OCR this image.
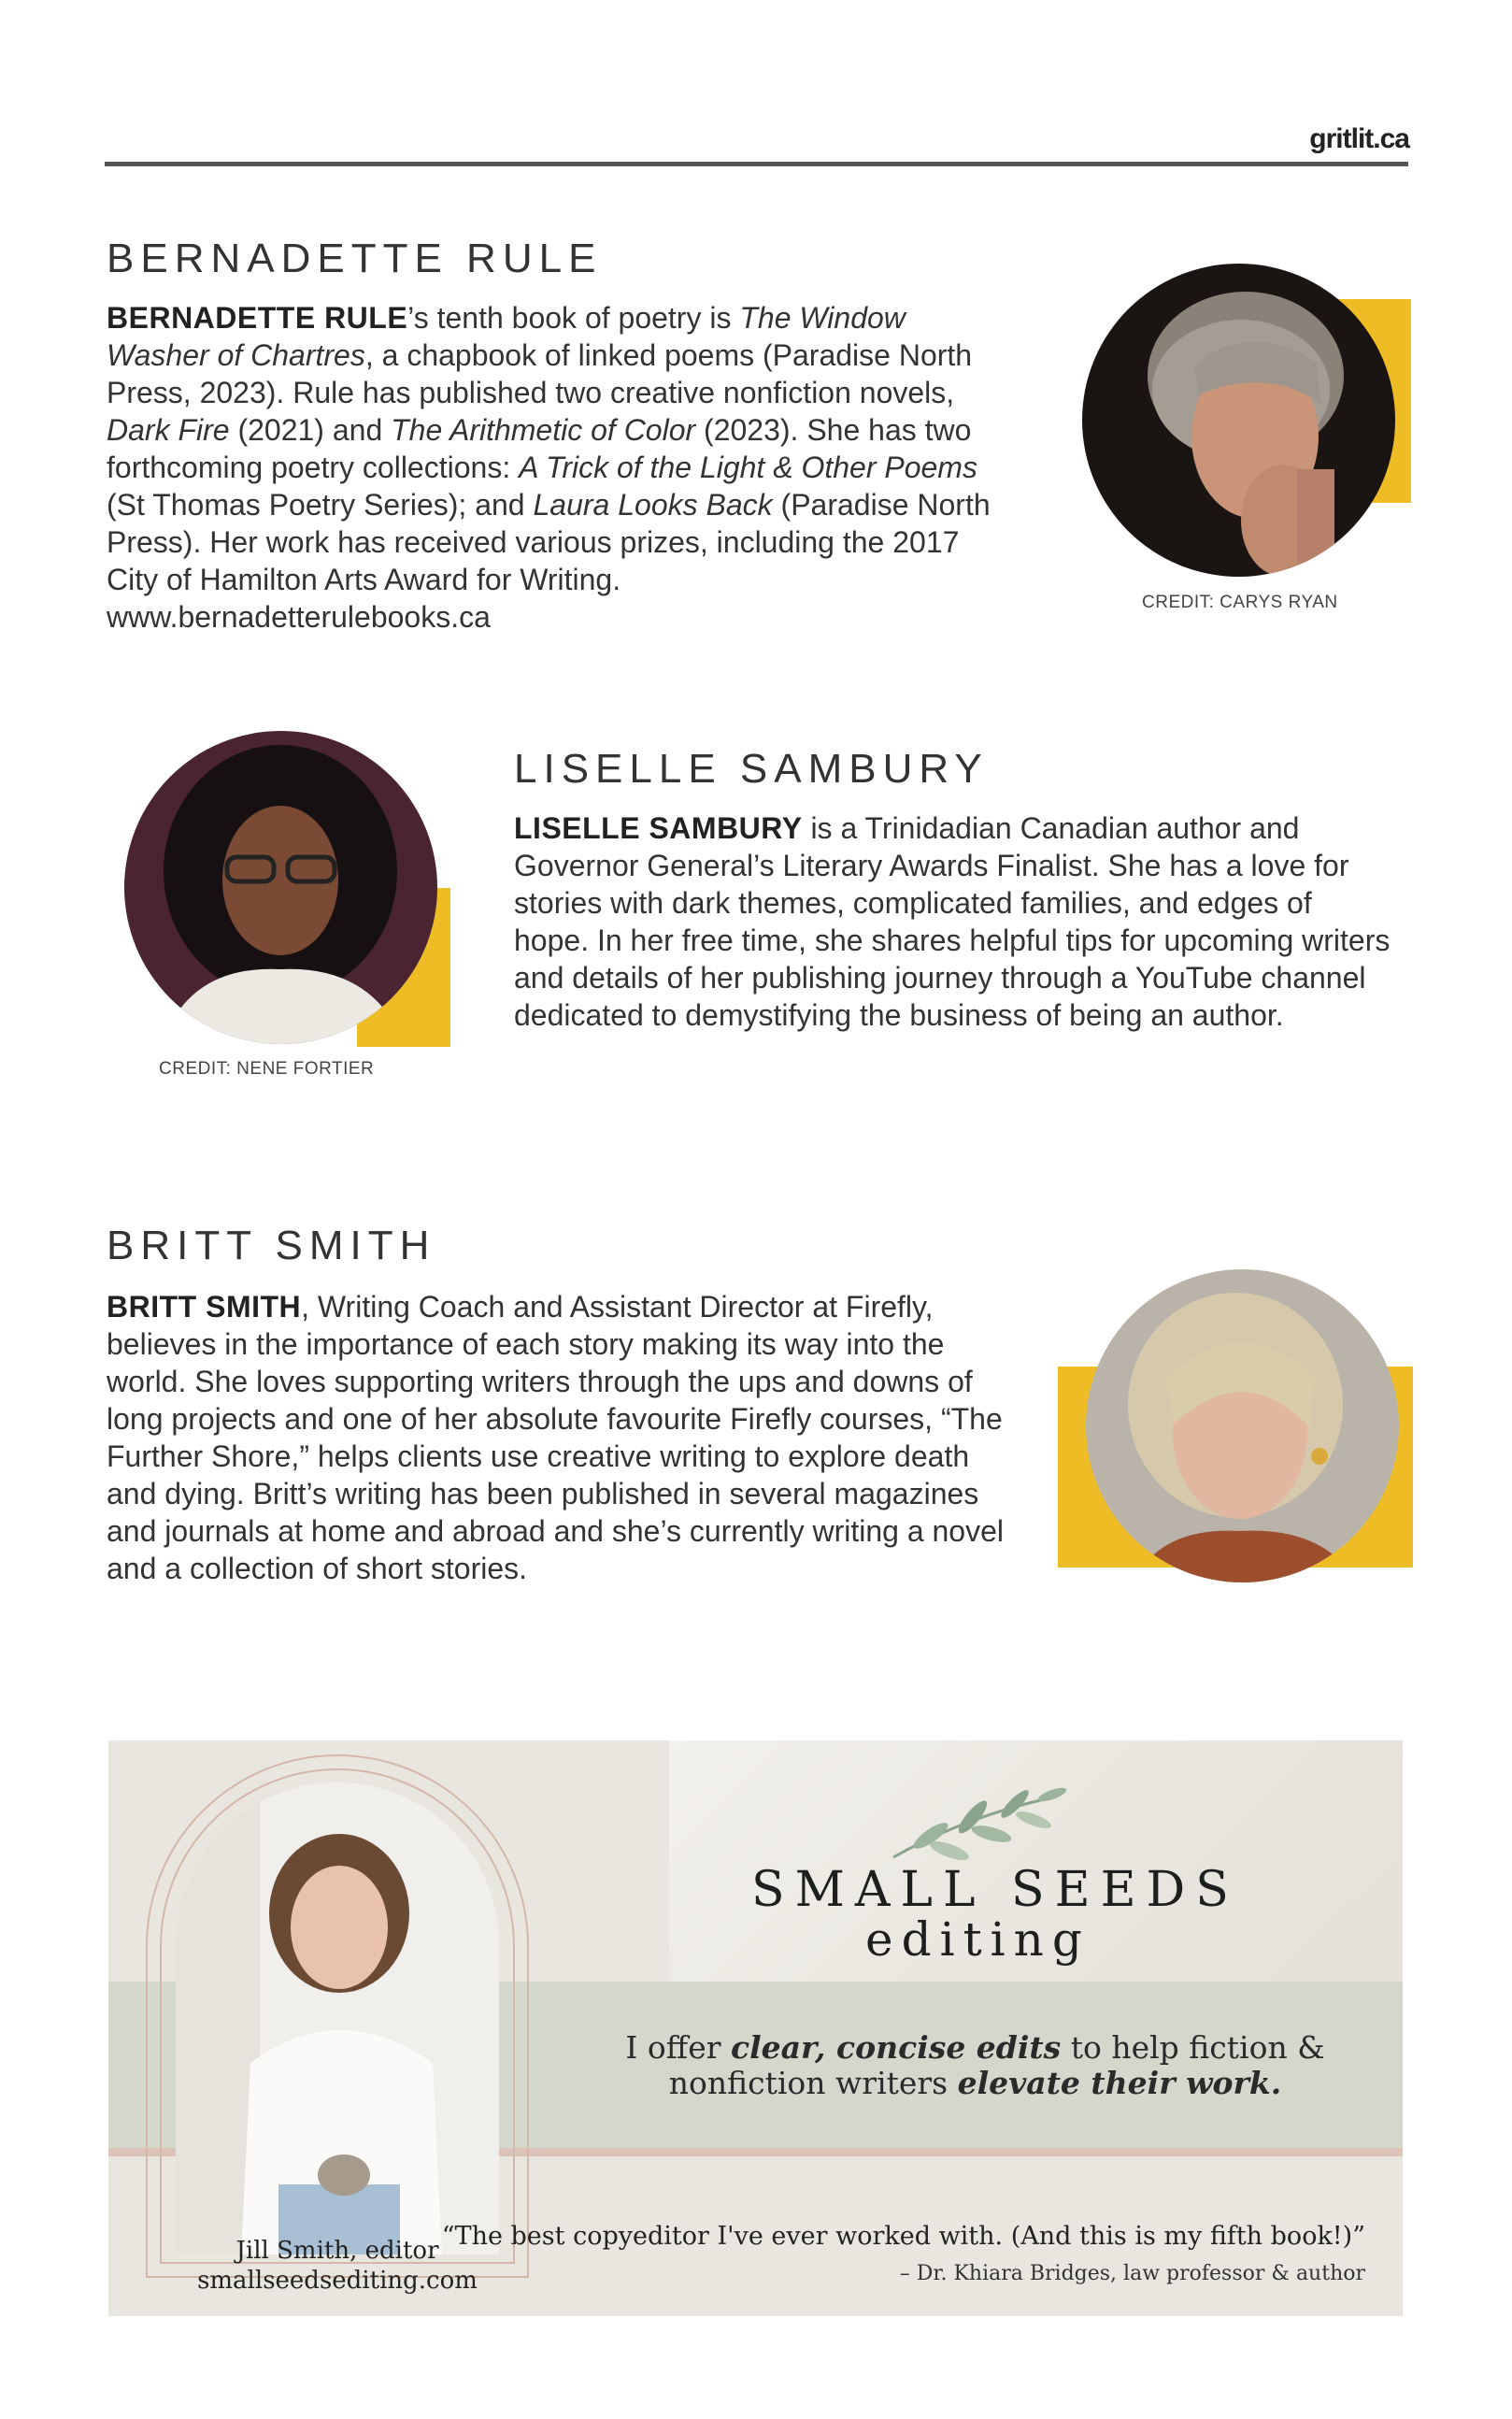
gritlit.ca
BERNADETTE RULE
BERNADETTE RULE’s tenth book of poetry is The Window Washer of Chartres, a chapbook of linked poems (Paradise North Press, 2023). Rule has published two creative nonfiction novels, Dark Fire (2021) and The Arithmetic of Color (2023). She has two forthcoming poetry collections: A Trick of the Light & Other Poems (St Thomas Poetry Series); and Laura Looks Back (Paradise North Press). Her work has received various prizes, including the 2017 City of Hamilton Arts Award for Writing. www.bernadetterulebooks.ca	CREDIT: CARYS RYAN
CREDIT: NENE FORTIER
LISELLE SAMBURY
LISELLE SAMBURY is a Trinidadian Canadian author and Governor General’s Literary Awards Finalist. She has a love for stories with dark themes, complicated families, and edges of hope. In her free time, she shares helpful tips for upcoming writers and details of her publishing journey through a YouTube channel dedicated to demystifying the business of being an author.
BRITT SMITH
BRITT SMITH, Writing Coach and Assistant Director at Firefly, believes in the importance of each story making its way into the world. She loves supporting writers through the ups and downs of long projects and one of her absolute favourite Firefly courses, “The Further Shore,” helps clients use creative writing to explore death and dying. Britt’s writing has been published in several magazines and journals at home and abroad and she’s currently writing a novel and a collection of short stories.
SMALL SEEDS
editing
I offer clear, concise edits to help fiction &
nonfiction writers elevate their work.
“The best copyeditor I've ever worked with. (And this is my fifth book!)”
– Dr. Khiara Bridges, law professor & author
Jill Smith, editor
smallseedsediting.com
